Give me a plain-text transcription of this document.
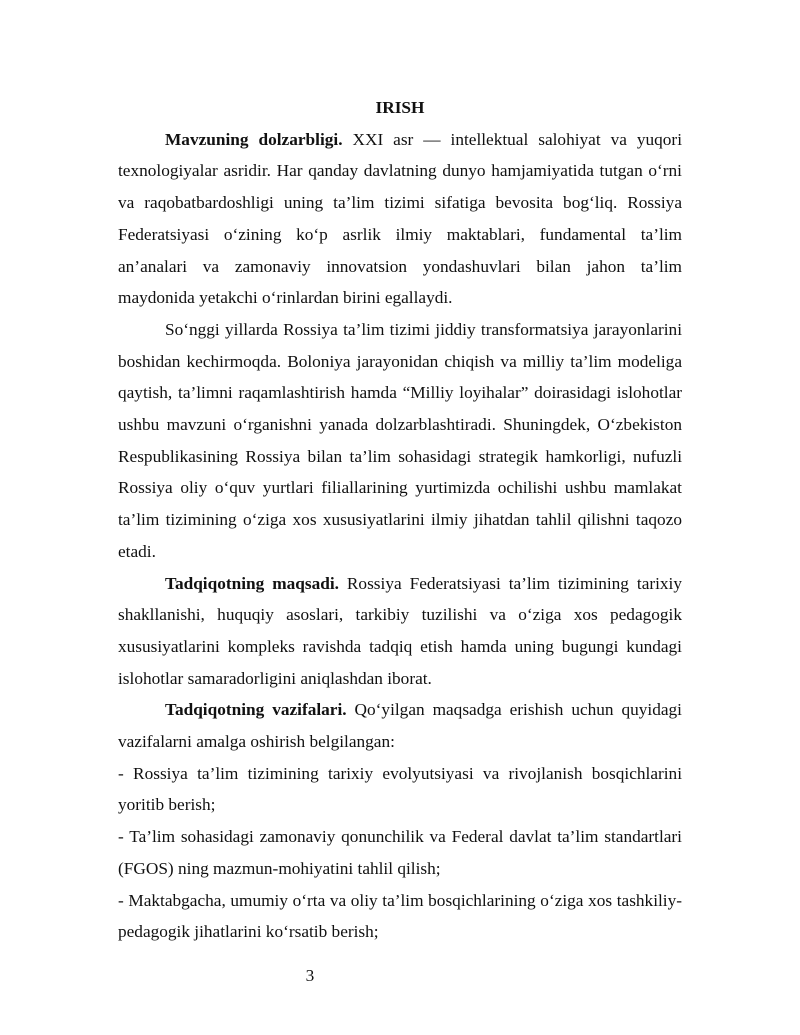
IRISH

Mavzuning dolzarbligi. XXI asr — intellektual salohiyat va yuqori texnologiyalar asridir. Har qanday davlatning dunyo hamjamiyatida tutgan o‘rni va raqobatbardoshligi uning ta’lim tizimi sifatiga bevosita bog‘liq. Rossiya Federatsiyasi o‘zining ko‘p asrlik ilmiy maktablari, fundamental ta’lim an’analari va zamonaviy innovatsion yondashuvlari bilan jahon ta’lim maydonida yetakchi o‘rinlardan birini egallaydi.

So‘nggi yillarda Rossiya ta’lim tizimi jiddiy transformatsiya jarayonlarini boshidan kechirmoqda. Boloniya jarayonidan chiqish va milliy ta’lim modeliga qaytish, ta’limni raqamlashtirish hamda “Milliy loyihalar” doirasidagi islohotlar ushbu mavzuni o‘rganishni yanada dolzarblashtiradi. Shuningdek, O‘zbekiston Respublikasining Rossiya bilan ta’lim sohasidagi strategik hamkorligi, nufuzli Rossiya oliy o‘quv yurtlari filiallarining yurtimizda ochilishi ushbu mamlakat ta’lim tizimining o‘ziga xos xususiyatlarini ilmiy jihatdan tahlil qilishni taqozo etadi.

Tadqiqotning maqsadi. Rossiya Federatsiyasi ta’lim tizimining tarixiy shakllanishi, huquqiy asoslari, tarkibiy tuzilishi va o‘ziga xos pedagogik xususiyatlarini kompleks ravishda tadqiq etish hamda uning bugungi kundagi islohotlar samaradorligini aniqlashdan iborat.

Tadqiqotning vazifalari. Qo‘yilgan maqsadga erishish uchun quyidagi vazifalarni amalga oshirish belgilangan:

- Rossiya ta’lim tizimining tarixiy evolyutsiyasi va rivojlanish bosqichlarini yoritib berish;

- Ta’lim sohasidagi zamonaviy qonunchilik va Federal davlat ta’lim standartlari (FGOS) ning mazmun-mohiyatini tahlil qilish;

- Maktabgacha, umumiy o‘rta va oliy ta’lim bosqichlarining o‘ziga xos tashkiliy-pedagogik jihatlarini ko‘rsatib berish;

3
